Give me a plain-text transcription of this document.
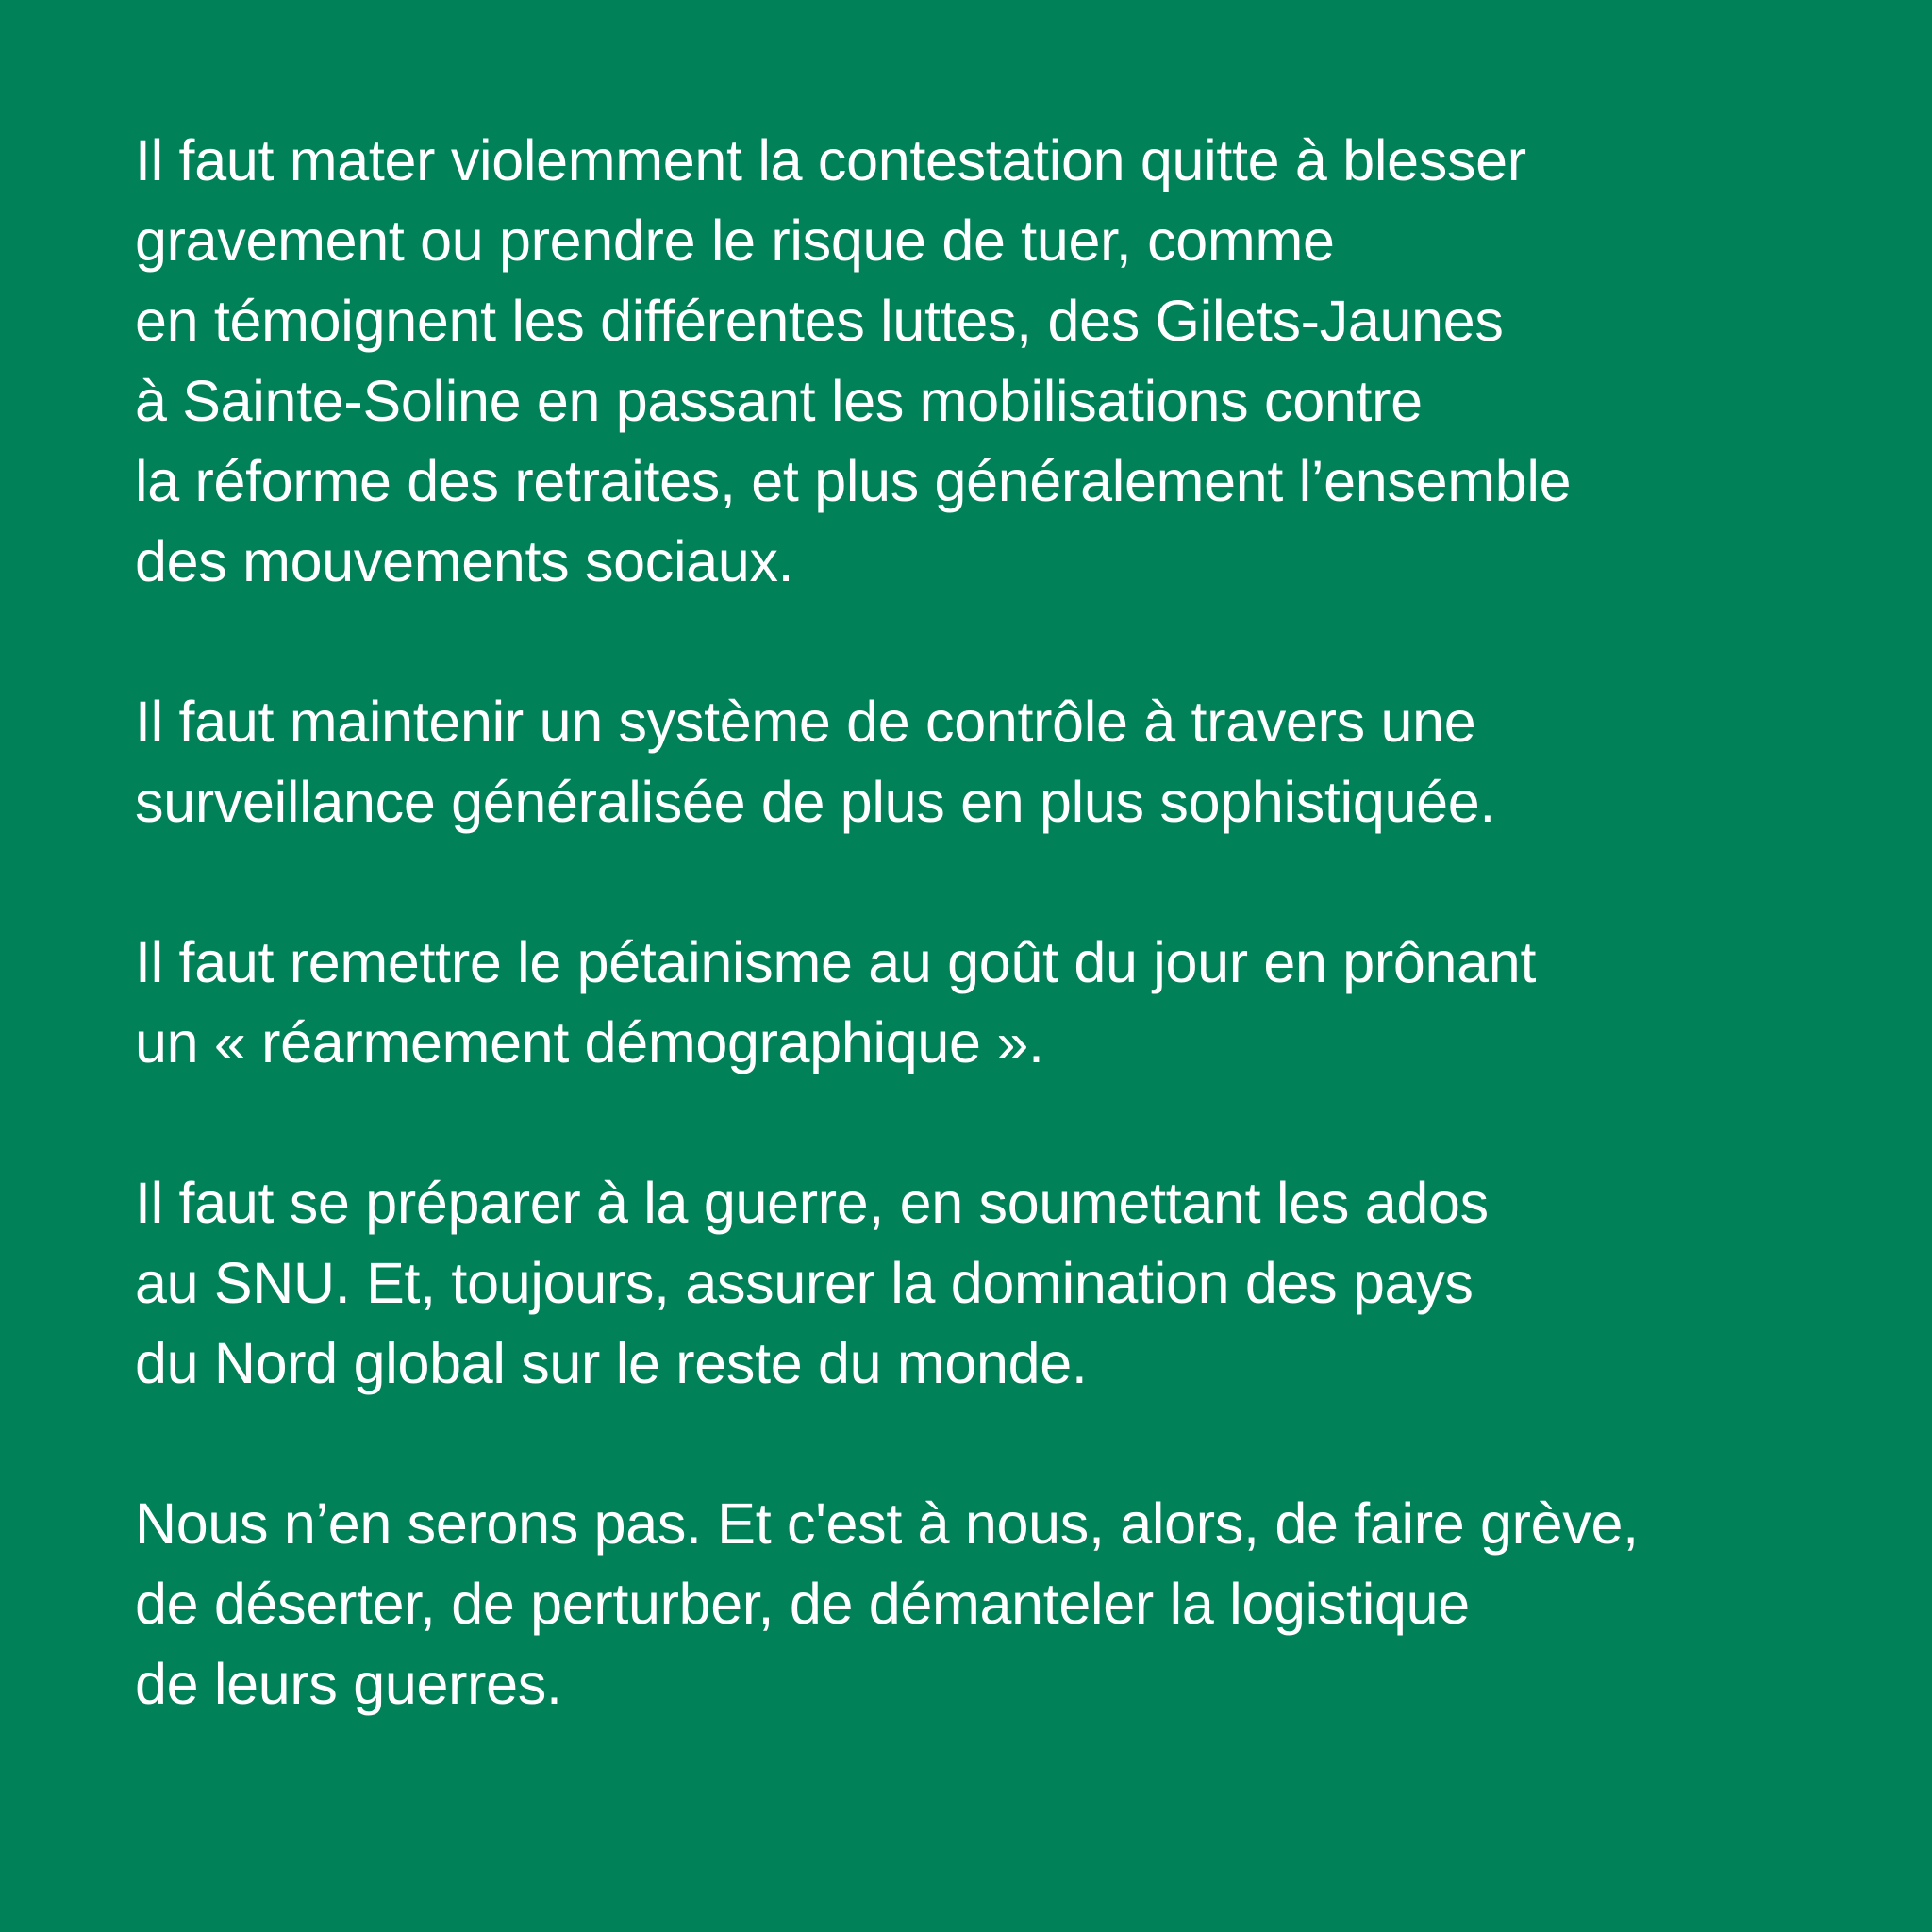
Il faut mater violemment la contestation quitte à blesser
gravement ou prendre le risque de tuer, comme
en témoignent les différentes luttes, des Gilets-Jaunes
à Sainte-Soline en passant les mobilisations contre
la réforme des retraites, et plus généralement l’ensemble
des mouvements sociaux.

Il faut maintenir un système de contrôle à travers une
surveillance généralisée de plus en plus sophistiquée.

Il faut remettre le pétainisme au goût du jour en prônant
un « réarmement démographique ».

Il faut se préparer à la guerre, en soumettant les ados
au SNU. Et, toujours, assurer la domination des pays
du Nord global sur le reste du monde.

Nous n’en serons pas. Et c'est à nous, alors, de faire grève,
de déserter, de perturber, de démanteler la logistique
de leurs guerres.
